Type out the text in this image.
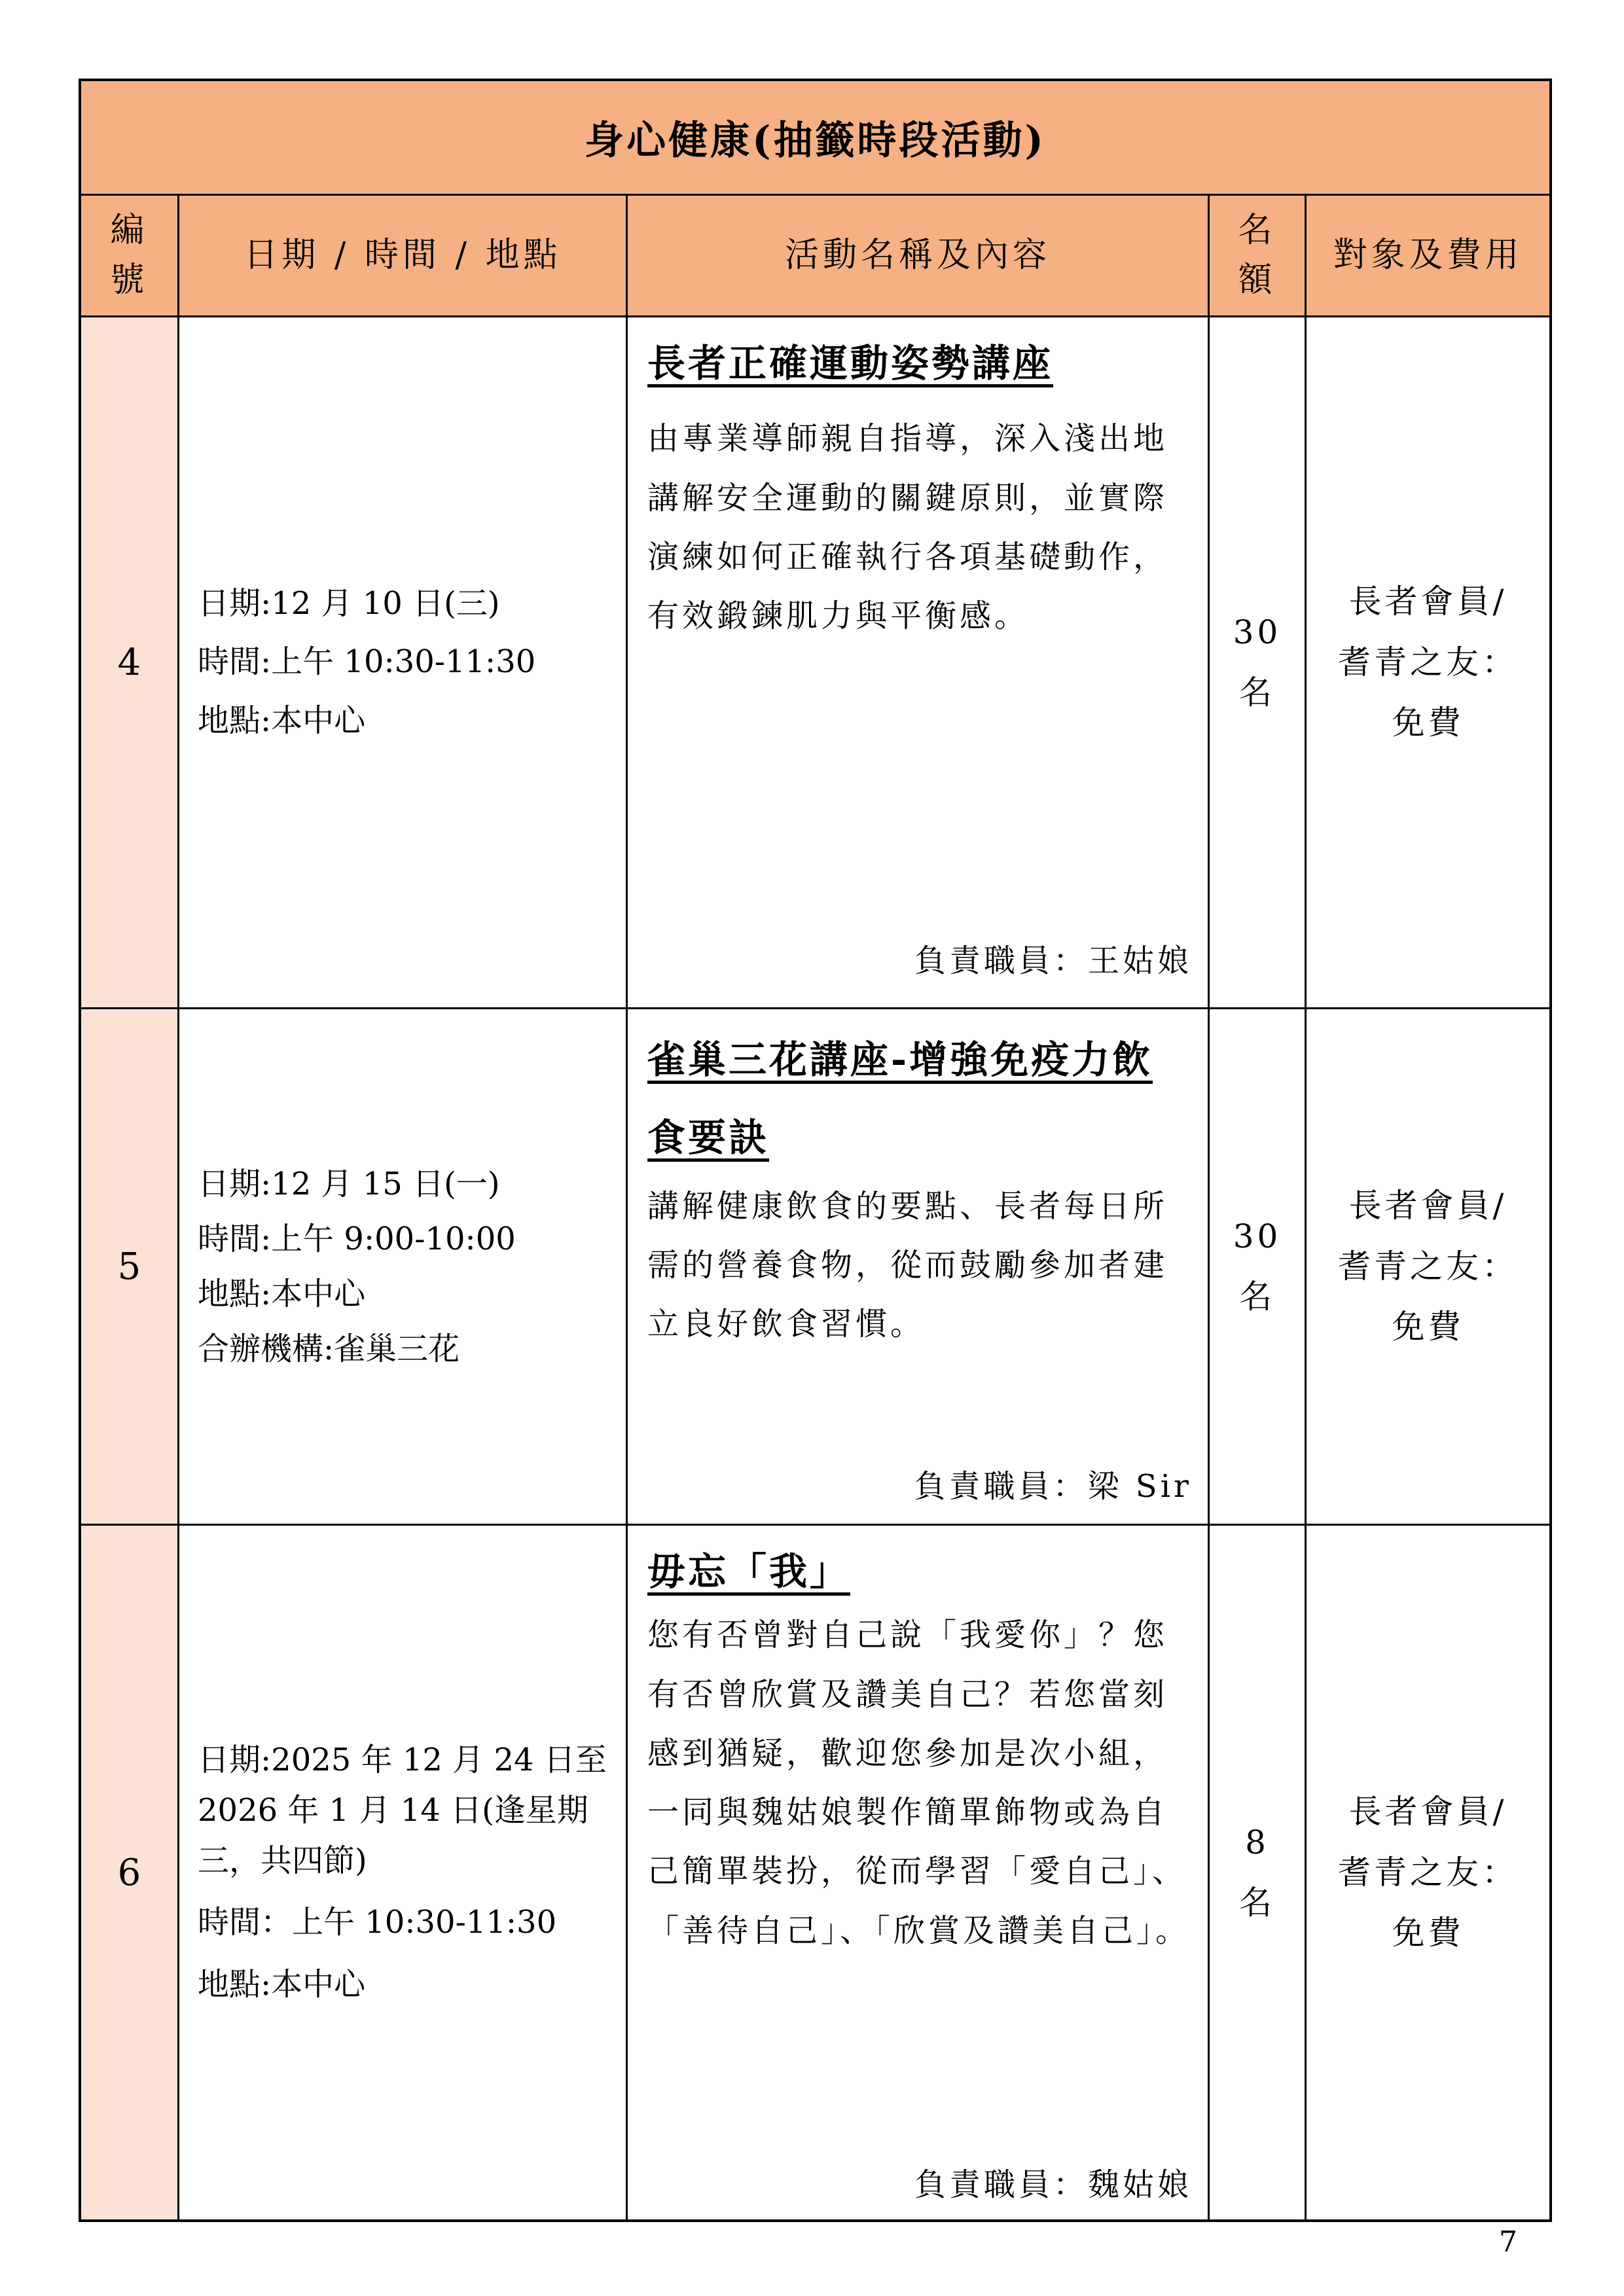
身心健康(抽籤時段活動)
編
號
日期 / 時間 / 地點	活動名稱及內容
名
額
對象及費用
4

日期:12 月 10 日(三)

時間:上午 10:30-11:30

地點:本中心

長者正確運動姿勢講座
由專業導師親自指導，深入淺出地講解安全運動的關鍵原則，並實際演練如何正確執行各項基礎動作，有效鍛鍊肌力與平衡感。
負責職員：王姑娘
30
名
長者會員/
耆青之友：
免費
5

日期:12 月 15 日(一)

時間:上午 9:00-10:00

地點:本中心

合辦機構:雀巢三花

雀巢三花講座-增強免疫力飲食要訣
講解健康飲食的要點、長者每日所需的營養食物，從而鼓勵參加者建立良好飲食習慣。
負責職員：梁 Sir
30
名
長者會員/
耆青之友：
免費
6

日期:2025 年 12 月 24 日至 2026 年 1 月 14 日(逢星期三，共四節)

時間：上午 10:30-11:30

地點:本中心

毋忘「我」
您有否曾對自己說「我愛你」？您有否曾欣賞及讚美自己？若您當刻感到猶疑，歡迎您參加是次小組，一同與魏姑娘製作簡單飾物或為自己簡單裝扮，從而學習「愛自己」、「善待自己」、「欣賞及讚美自己」。
負責職員：魏姑娘
8
名
長者會員/
耆青之友：
免費
7
